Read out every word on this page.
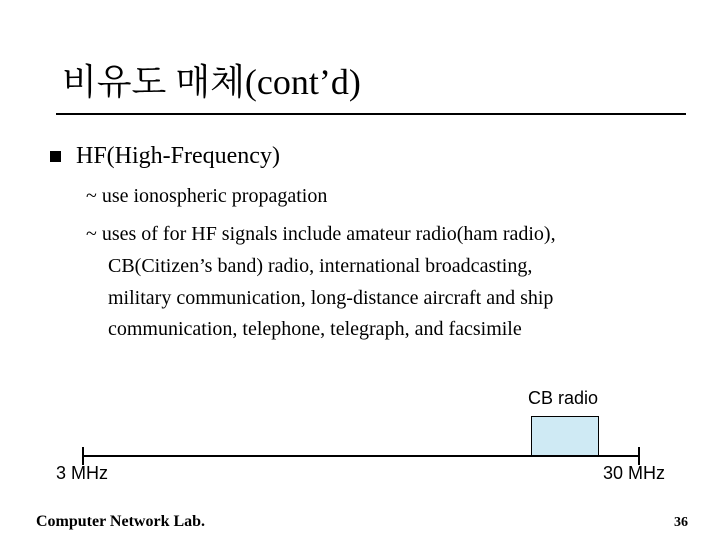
비유도 매체(cont’d)
HF(High-Frequency)
~ use ionospheric propagation
~ uses of for HF signals include amateur radio(ham radio),
CB(Citizen’s band) radio, international broadcasting,
military communication, long-distance aircraft and ship
communication, telephone, telegraph, and facsimile
CB radio
3 MHz	30 MHz
Computer Network Lab.	36
